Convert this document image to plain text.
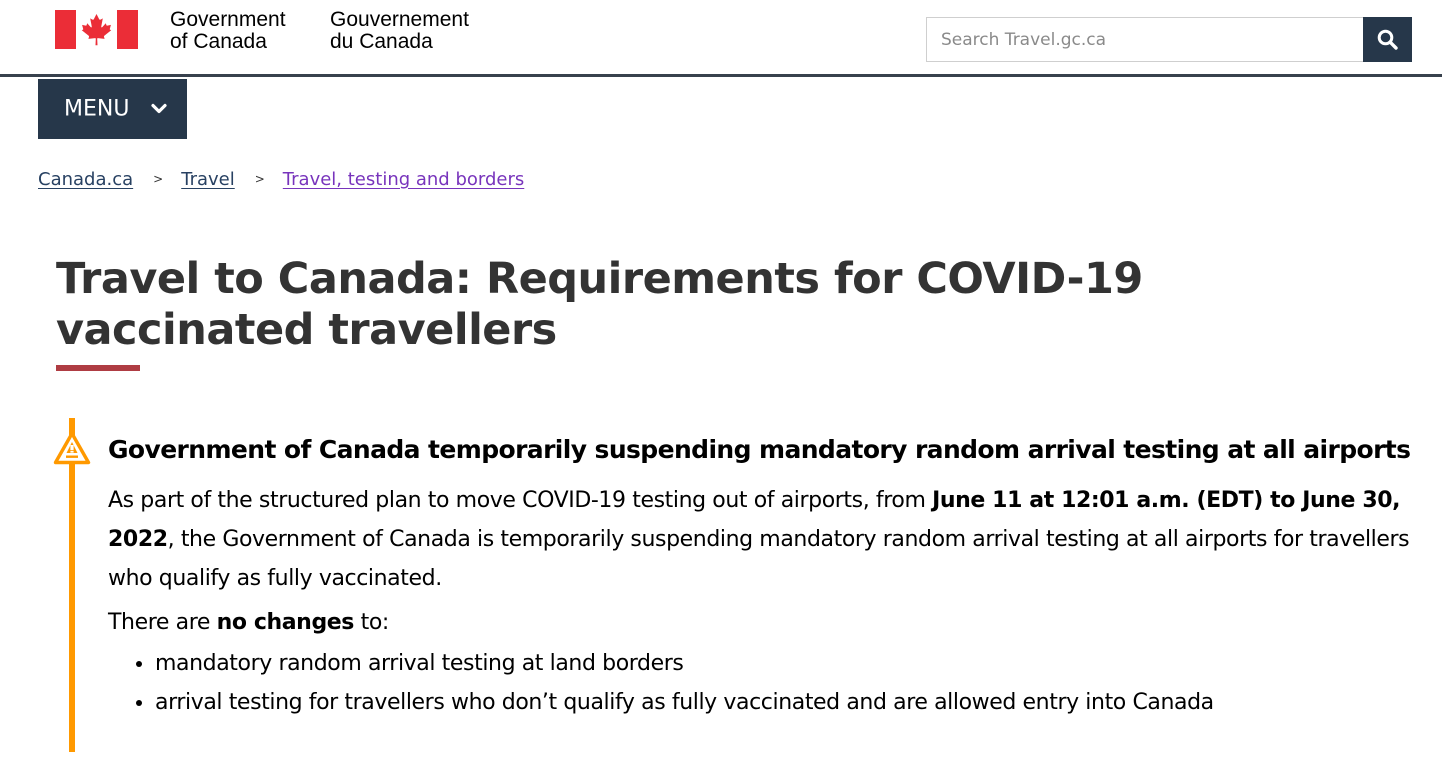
Government
of Canada
Gouvernement
du Canada
Search Travel.gc.ca
MENU
Canada.ca > Travel > Travel, testing and borders
Travel to Canada: Requirements for COVID-19 vaccinated travellers
Government of Canada temporarily suspending mandatory random arrival testing at all airports

As part of the structured plan to move COVID-19 testing out of airports, from June 11 at 12:01 a.m. (EDT) to June 30, 2022, the Government of Canada is temporarily suspending mandatory random arrival testing at all airports for travellers who qualify as fully vaccinated.

There are no changes to:

• mandatory random arrival testing at land borders
• arrival testing for travellers who don’t qualify as fully vaccinated and are allowed entry into Canada
